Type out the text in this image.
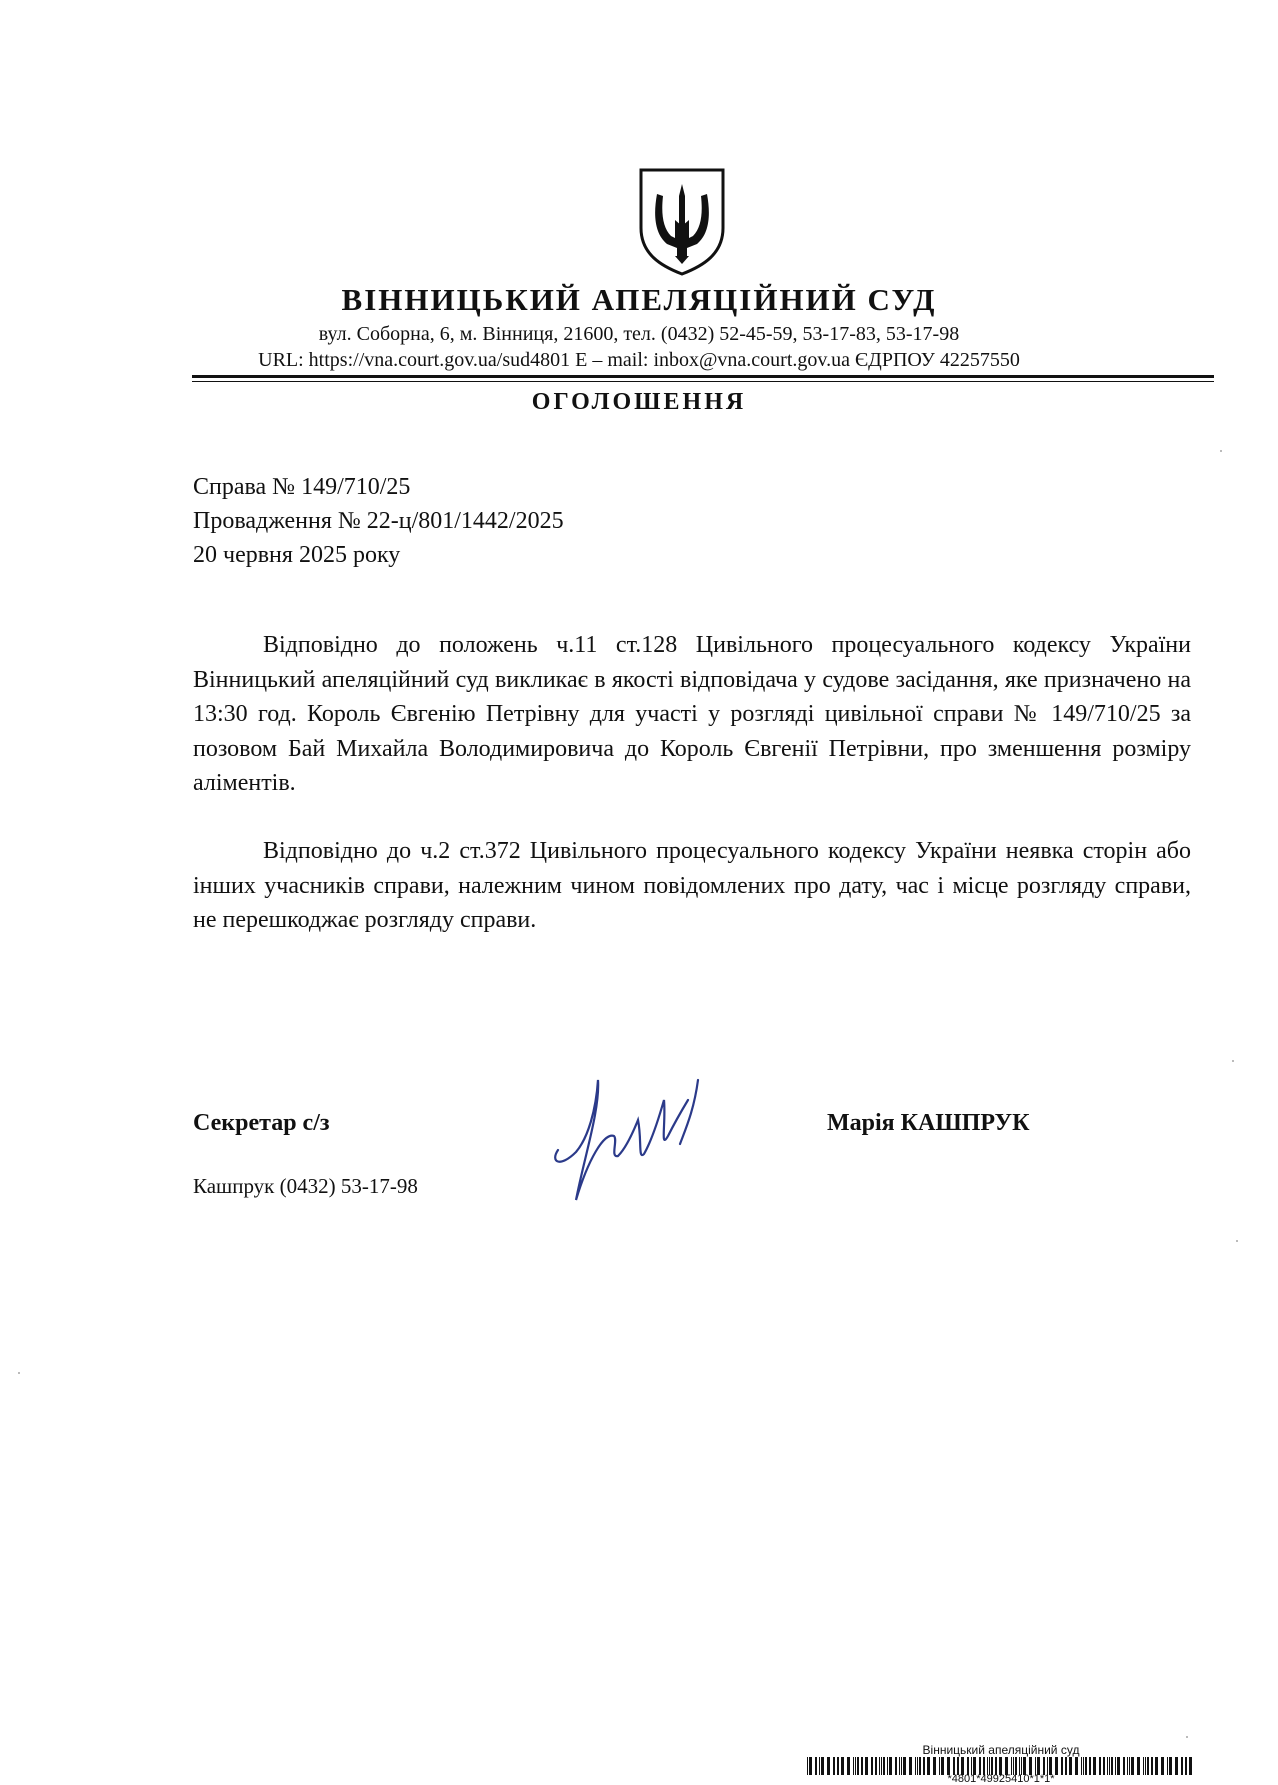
ВІННИЦЬКИЙ АПЕЛЯЦІЙНИЙ СУД
вул. Соборна, 6, м. Вінниця, 21600, тел. (0432) 52-45-59, 53-17-83, 53-17-98
URL: https://vna.court.gov.ua/sud4801 E – mail: inbox@vna.court.gov.ua ЄДРПОУ 42257550
ОГОЛОШЕННЯ
Справа № 149/710/25
Провадження № 22-ц/801/1442/2025
20 червня 2025 року
Відповідно до положень ч.11 ст.128 Цивільного процесуального кодексу України Вінницький апеляційний суд викликає в якості відповідача у судове засідання, яке призначено на 13:30 год. Король Євгенію Петрівну для участі у розгляді цивільної справи № 149/710/25 за позовом Бай Михайла Володимировича до Король Євгенії Петрівни, про зменшення розміру аліментів.
Відповідно до ч.2 ст.372 Цивільного процесуального кодексу України неявка сторін або інших учасників справи, належним чином повідомлених про дату, час і місце розгляду справи, не перешкоджає розгляду справи.
Секретар с/з	Марія КАШПРУК
Кашпрук (0432) 53-17-98
Вінницький апеляційний суд
*4801*49925410*1*1*
